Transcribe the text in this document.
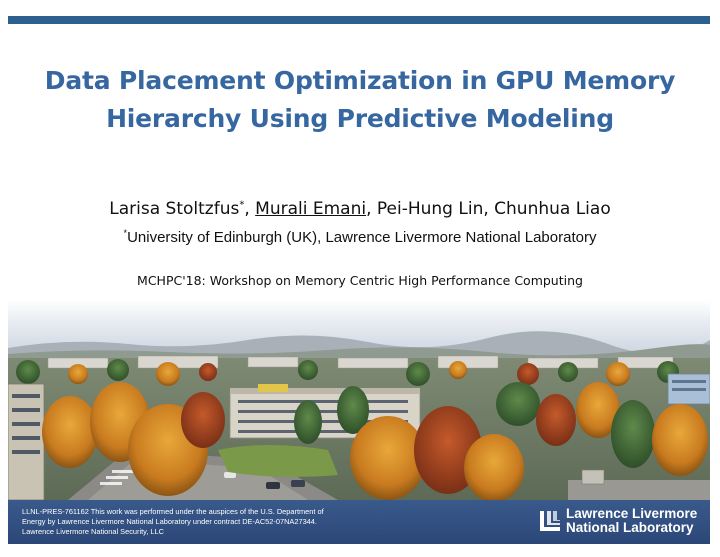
Data Placement Optimization in GPU Memory
Hierarchy Using Predictive Modeling
Larisa Stoltzfus*, Murali Emani, Pei-Hung Lin, Chunhua Liao
*University of Edinburgh (UK), Lawrence Livermore National Laboratory
MCHPC'18: Workshop on Memory Centric High Performance Computing
LLNL-PRES-761162 This work was performed under the auspices of the U.S. Department of
Energy by Lawrence Livermore National Laboratory under contract DE-AC52-07NA27344.
Lawrence Livermore National Security, LLC
Lawrence Livermore
National Laboratory
